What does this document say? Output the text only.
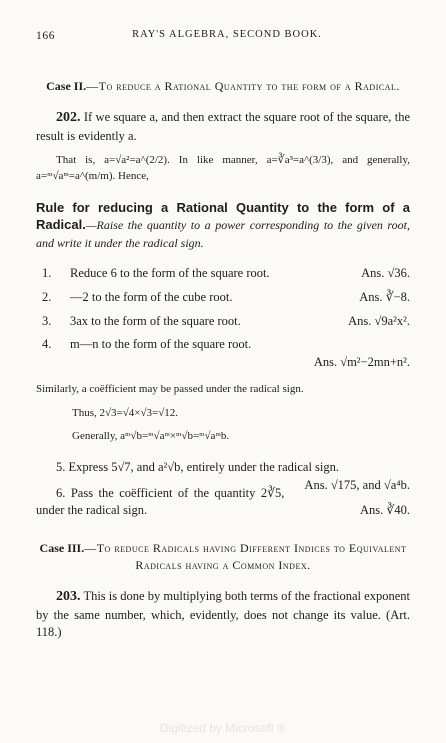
166	RAY'S ALGEBRA, SECOND BOOK.
Case II.—To reduce a Rational Quantity to the form of a Radical.

202. If we square a, and then extract the square root of the square, the result is evidently a.

That is, a=√a²=a^(2/2). In like manner, a=∛a³=a^(3/3), and generally, a=ᵐ√aᵐ=a^(m/m). Hence,

Rule for reducing a Rational Quantity to the form of a Radical.—Raise the quantity to a power corresponding to the given root, and write it under the radical sign.

1.	Reduce 6 to the form of the square root.	Ans. √36.
2.	—2 to the form of the cube root.	Ans. ∛−8.
3.	3ax to the form of the square root.	Ans. √9a²x².
4.	m—n to the form of the square root.
Ans. √m²−2mn+n².

Similarly, a coëfficient may be passed under the radical sign.

Thus, 2√3=√4×√3=√12.

Generally, aᵐ√b=ᵐ√aᵐ×ᵐ√b=ᵐ√aᵐb.

5. Express 5√7, and a²√b, entirely under the radical sign.
Ans. √175, and √a⁴b.

6. Pass the coëfficient of the quantity 2∛5, under the radical sign.	Ans. ∛40.

Case III.—To reduce Radicals having Different Indices to Equivalent Radicals having a Common Index.

203. This is done by multiplying both terms of the fractional exponent by the same number, which, evidently, does not change its value. (Art. 118.)

Digitized by Microsoft ®
